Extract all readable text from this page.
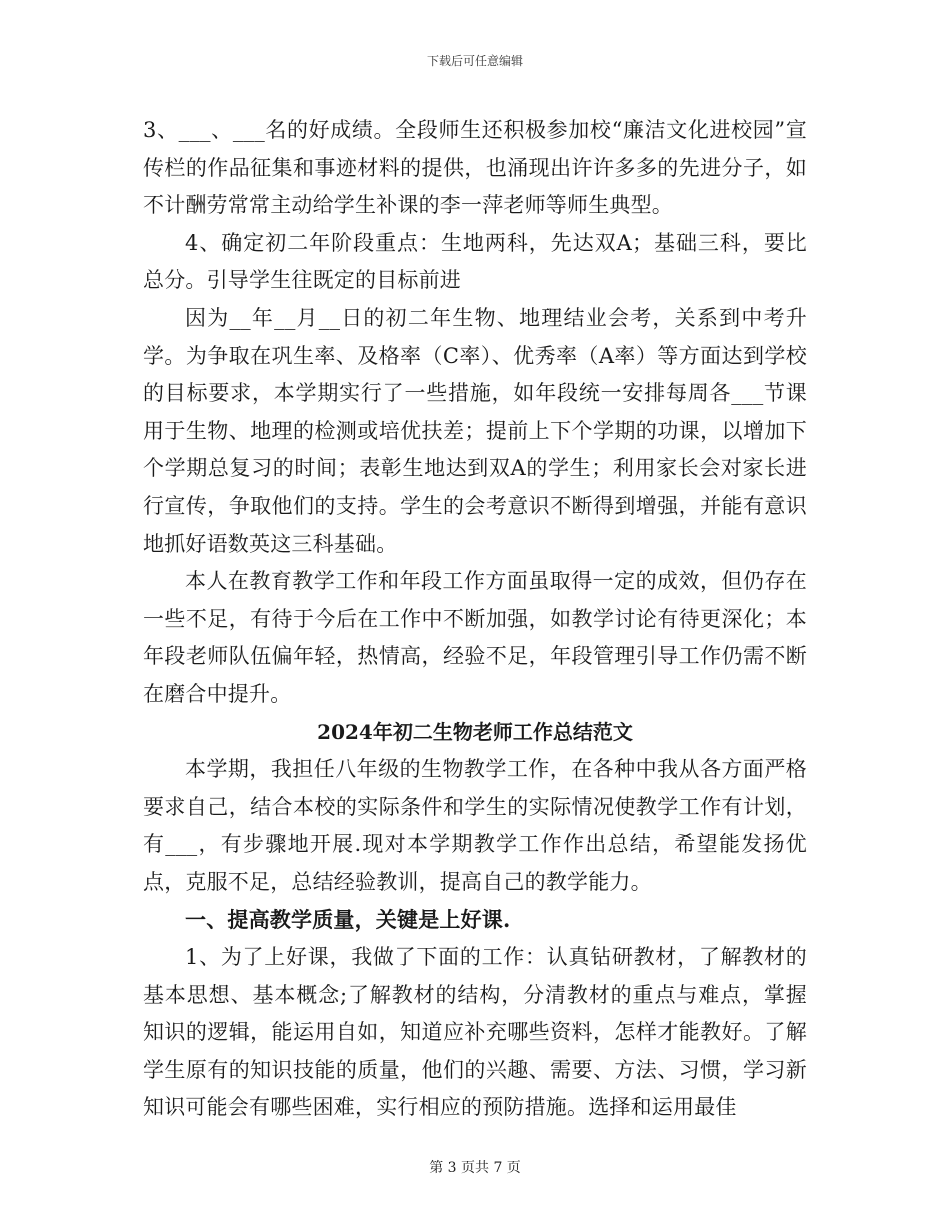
下载后可任意编辑

3、___、___名的好成绩。全段师生还积极参加校“廉洁文化进校园”宣传栏的作品征集和事迹材料的提供，也涌现出许许多多的先进分子，如不计酬劳常常主动给学生补课的李一萍老师等师生典型。

4、确定初二年阶段重点：生地两科，先达双A；基础三科，要比总分。引导学生往既定的目标前进

因为__年__月__日的初二年生物、地理结业会考，关系到中考升学。为争取在巩生率、及格率（C率）、优秀率（A率）等方面达到学校的目标要求，本学期实行了一些措施，如年段统一安排每周各___节课用于生物、地理的检测或培优扶差；提前上下个学期的功课，以增加下个学期总复习的时间；表彰生地达到双A的学生；利用家长会对家长进行宣传，争取他们的支持。学生的会考意识不断得到增强，并能有意识地抓好语数英这三科基础。

本人在教育教学工作和年段工作方面虽取得一定的成效，但仍存在一些不足，有待于今后在工作中不断加强，如教学讨论有待更深化；本年段老师队伍偏年轻，热情高，经验不足，年段管理引导工作仍需不断在磨合中提升。

2024年初二生物老师工作总结范文

本学期，我担任八年级的生物教学工作，在各种中我从各方面严格要求自己，结合本校的实际条件和学生的实际情况使教学工作有计划，有___，有步骤地开展.现对本学期教学工作作出总结，希望能发扬优点，克服不足，总结经验教训，提高自己的教学能力。

一、提高教学质量，关键是上好课.

1、为了上好课，我做了下面的工作：认真钻研教材，了解教材的基本思想、基本概念;了解教材的结构，分清教材的重点与难点，掌握知识的逻辑，能运用自如，知道应补充哪些资料，怎样才能教好。了解学生原有的知识技能的质量，他们的兴趣、需要、方法、习惯，学习新知识可能会有哪些困难，实行相应的预防措施。选择和运用最佳

第 3 页共 7 页
